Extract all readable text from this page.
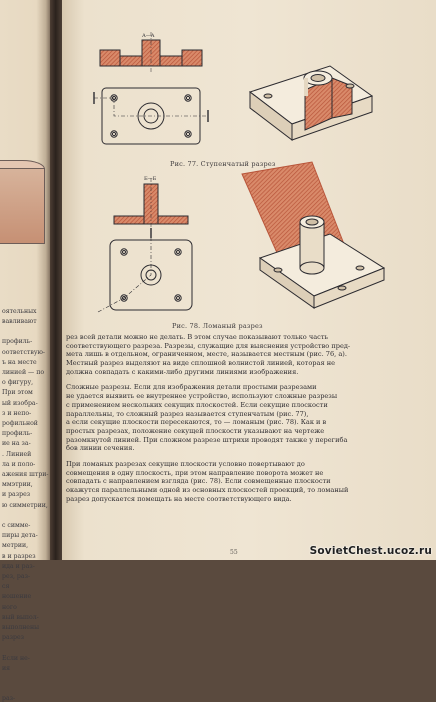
оятельных
вавливают
профиль-
оответствую-
ъ на месте
линией — по
о фигуру,
При этом
ый изобра-
з и непо-
рофильной
профиль-
ие на за-
. Линией
ла и поло-
ажения штри-
ммэтрии,
и разрез
ю симметрии,
с симме-
пиры дета-
метрии,
в и разрез
ида и раз-
рез, раз-
ся
ношение
ного
вый выпол-
выполнены
разрез
Если не-
ия
раз-
А—А
Рис. 77. Ступенчатый разрез
Б—Б
Рис. 78. Ломаный разрез
рез всей детали можно не делать. В этом случае показывают только часть
соответствующего разреза. Разрезы, служащие для выяснения устройство пред-
мета лишь в отдельном, ограниченном, месте, называется местным (рис. 76, а).
Местный разрез выделяют на виде сплошной волнистой линией, которая не
должна совпадать с какими-либо другими линиями изображения.
Сложные разрезы. Если для изображения детали простыми разрезами
не удается выявить ее внутреннее устройство, используют сложные разрезы
с применением нескольких секущих плоскостей. Если секущие плоскости
параллельны, то сложный разрез называется ступенчатым (рис. 77),
а если секущие плоскости пересекаются, то — ломаным (рис. 78). Как и в
простых разрезах, положение секущей плоскости указывают на чертеже
разомкнутой линией. При сложном разрезе штрихи проводят также у перегиба
бов линии сечения.
При ломаных разрезах секущие плоскости условно повертывают до
совмещения в одну плоскость, при этом направление поворота может не
совпадать с направлением взгляда (рис. 78). Если совмещенные плоскости
окажутся параллельными одной из основных плоскостей проекций, то ломаный
разрез допускается помещать на месте соответствующего вида.
55	SovietChest.ucoz.ru
